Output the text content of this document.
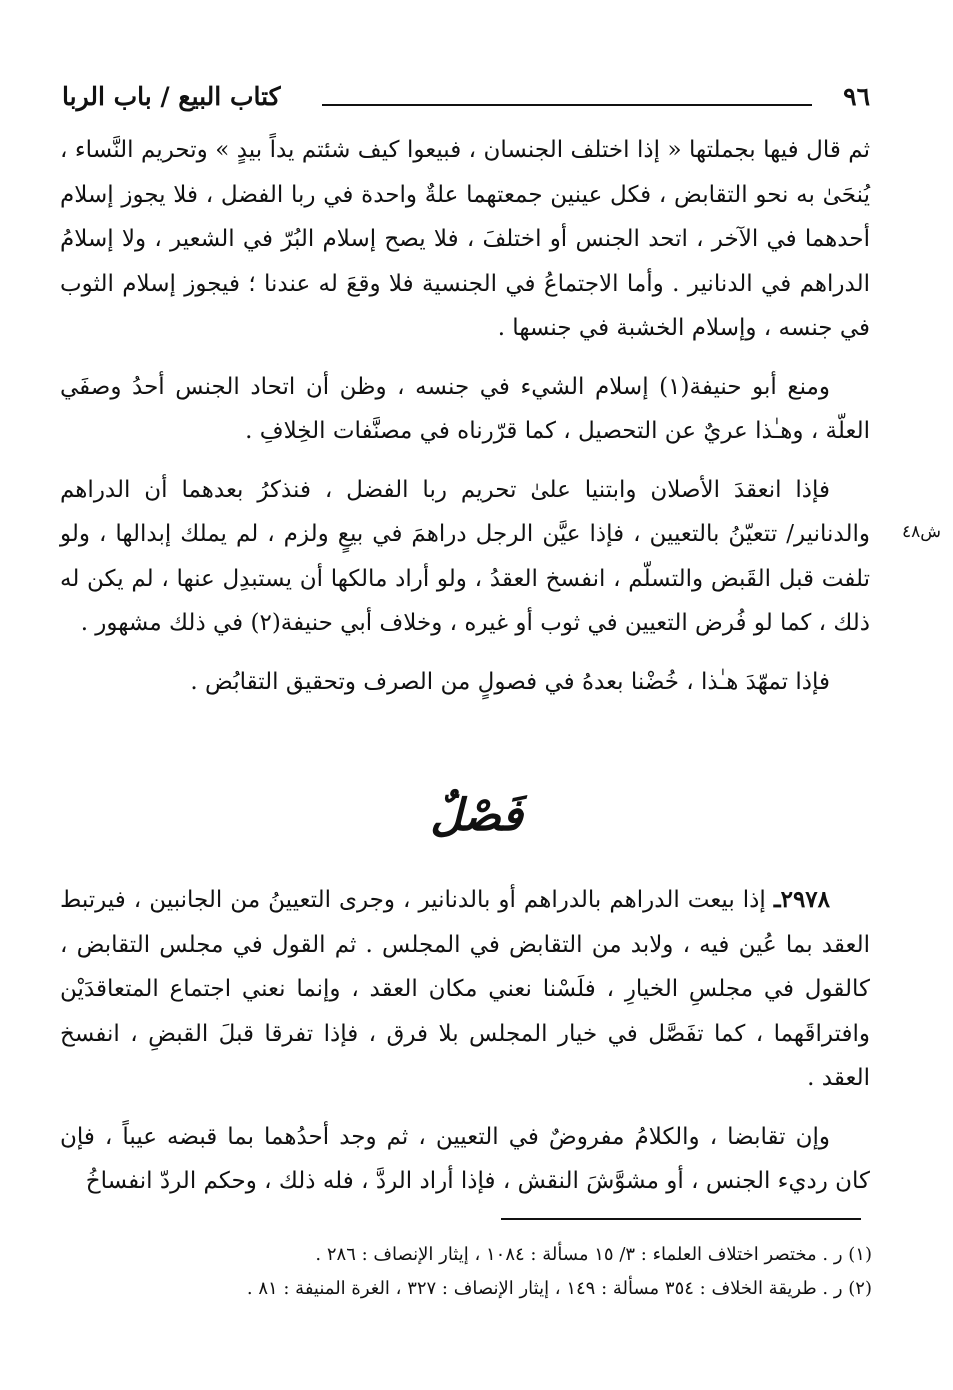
٩٦
كتاب البيع / باب الربا

ثم قال فيها بجملتها « إذا اختلف الجنسان ، فبيعوا كيف شئتم يداً بيدٍ » وتحريم النَّساء ، يُنحَىٰ به نحو التقابض ، فكل عينين جمعتهما علةٌ واحدة في ربا الفضل ، فلا يجوز إسلام أحدهما في الآخر ، اتحد الجنس أو اختلفَ ، فلا يصح إسلام البُرّ في الشعير ، ولا إسلامُ الدراهم في الدنانير . وأما الاجتماعُ في الجنسية فلا وقعَ له عندنا ؛ فيجوز إسلام الثوب في جنسه ، وإسلام الخشبة في جنسها .

ومنع أبو حنيفة(١) إسلام الشيء في جنسه ، وظن أن اتحاد الجنس أحدُ وصفَي العلّة ، وهـٰذا عريٌ عن التحصيل ، كما قرّرناه في مصنَّفات الخِلافِ .

فإذا انعقدَ الأصلان وابتنيا علىٰ تحريم ربا الفضل ، فنذكرُ بعدهما أن الدراهم والدنانير/ تتعيّنُ بالتعيين ، فإذا عيَّن الرجل دراهمَ في بيعٍ ولزم ، لم يملك إبدالها ، ولو تلفت قبل القَبض والتسلّم ، انفسخ العقدُ ، ولو أراد مالكها أن يستبدِل عنها ، لم يكن له ذلك ، كما لو فُرض التعيين في ثوب أو غيره ، وخلاف أبي حنيفة(٢) في ذلك مشهور .

فإذا تمهّدَ هـٰذا ، خُضْنا بعدهُ في فصولٍ من الصرف وتحقيق التقابُض .

ش٤٨
فَصْلٌ

٢٩٧٨ـ إذا بيعت الدراهم بالدراهم أو بالدنانير ، وجرى التعيينُ من الجانبين ، فيرتبط العقد بما عُين فيه ، ولابد من التقابض في المجلس . ثم القول في مجلس التقابض ، كالقول في مجلسِ الخيارِ ، فلَسْنا نعني مكان العقد ، وإنما نعني اجتماع المتعاقدَيْن وافتراقَهما ، كما تفَصَّل في خيار المجلس بلا فرق ، فإذا تفرقا قبلَ القبضِ ، انفسخ العقد .

وإن تقابضا ، والكلامُ مفروضٌ في التعيين ، ثم وجد أحدُهما بما قبضه عيباً ، فإن كان رديء الجنس ، أو مشوَّشَ النقش ، فإذا أراد الردَّ ، فله ذلك ، وحكم الردّ انفساخُ

(١) ر . مختصر اختلاف العلماء : ٣/ ١٥ مسألة : ١٠٨٤ ، إيثار الإنصاف : ٢٨٦ .
(٢) ر . طريقة الخلاف : ٣٥٤ مسألة : ١٤٩ ، إيثار الإنصاف : ٣٢٧ ، الغرة المنيفة : ٨١ .
